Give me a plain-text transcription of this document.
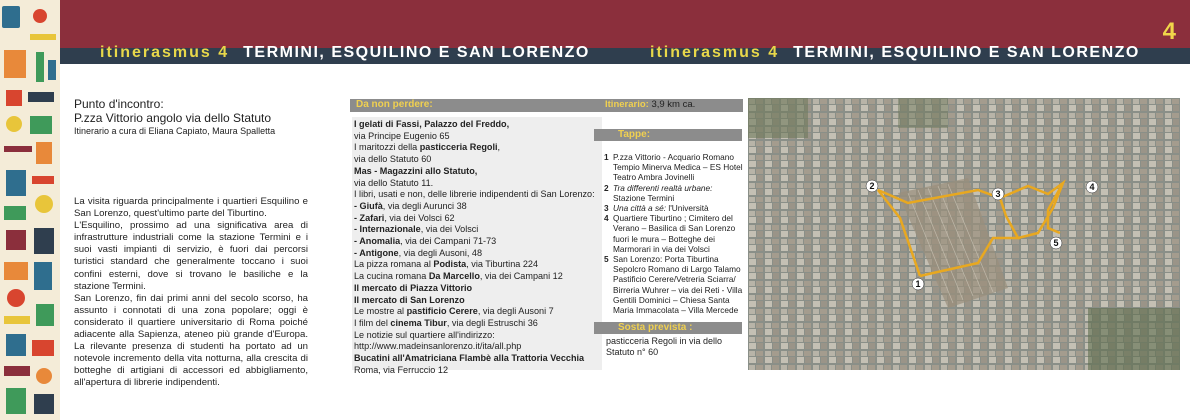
itinerasmus 4 TERMINI, ESQUILINO E SAN LORENZO	itinerasmus 4 TERMINI, ESQUILINO E SAN LORENZO
4
Punto d'incontro:
P.zza Vittorio angolo via dello Statuto
Itinerario a cura di Eliana Capiato, Maura Spalletta

La visita riguarda principalmente i quartieri Esquilino e San Lorenzo, quest'ultimo parte del Tiburtino.

L'Esquilino, prossimo ad una significativa area di infrastrutture industriali come la stazione Termini e i suoi vasti impianti di servizio, è fuori dai percorsi turistici standard che generalmente toccano i suoi confini esterni, dove si trovano le basiliche e la stazione Termini.

San Lorenzo, fin dai primi anni del secolo scorso, ha assunto i connotati di una zona popolare; oggi è considerato il quartiere universitario di Roma poiché adiacente alla Sapienza, ateneo più grande d'Europa. La rilevante presenza di studenti ha portato ad un notevole incremento della vita notturna, alla crescita di botteghe di artigiani di accessori ed abbigliamento, all'apertura di librerie indipendenti.

Da non perdere:	Itinerario: 3,9 km ca.
I gelati di Fassi, Palazzo del Freddo,
via Principe Eugenio 65
I maritozzi della pasticceria Regoli,
via dello Statuto 60
Mas - Magazzini allo Statuto,
via dello Statuto 11.
I libri, usati e non, delle librerie indipendenti di San Lorenzo:
- Giufà, via degli Aurunci 38
- Zafari, via dei Volsci 62
- Internazionale, via dei Volsci
- Anomalia, via dei Campani 71-73
- Antigone, via degli Ausoni, 48
La pizza romana al Podista, via Tiburtina 224
La cucina romana Da Marcello, via dei Campani 12
Il mercato di Piazza Vittorio
Il mercato di San Lorenzo
Le mostre al pastificio Cerere, via degli Ausoni 7
I film del cinema Tibur, via degli Estruschi 36
Le notizie sul quartiere all'indirizzo:
http://www.madeinsanlorenzo.it/ita/all.php
Bucatini all'Amatriciana Flambè alla Trattoria Vecchia Roma, via Ferruccio 12
Tappe:
1 P.zza Vittorio - Acquario Romano Tempio Minerva Medica – ES Hotel Teatro Ambra Jovinelli
2 Tra differenti realtà urbane: Stazione Termini
3 Una città a sé: l'Università
4 Quartiere Tiburtino ; Cimitero del Verano – Basilica di San Lorenzo fuori le mura – Botteghe dei Marmorari in via dei Volsci
5 San Lorenzo: Porta Tiburtina Sepolcro Romano di Largo Talamo Pastificio Cerere/Vetreria Sciarra/ Birreria Wuhrer – via dei Reti - Villa Gentili Dominici – Chiesa Santa Maria Immacolata – Villa Mercede
Sosta prevista :
pasticceria Regoli in via dello Statuto n° 60
1
2
3
4
5
